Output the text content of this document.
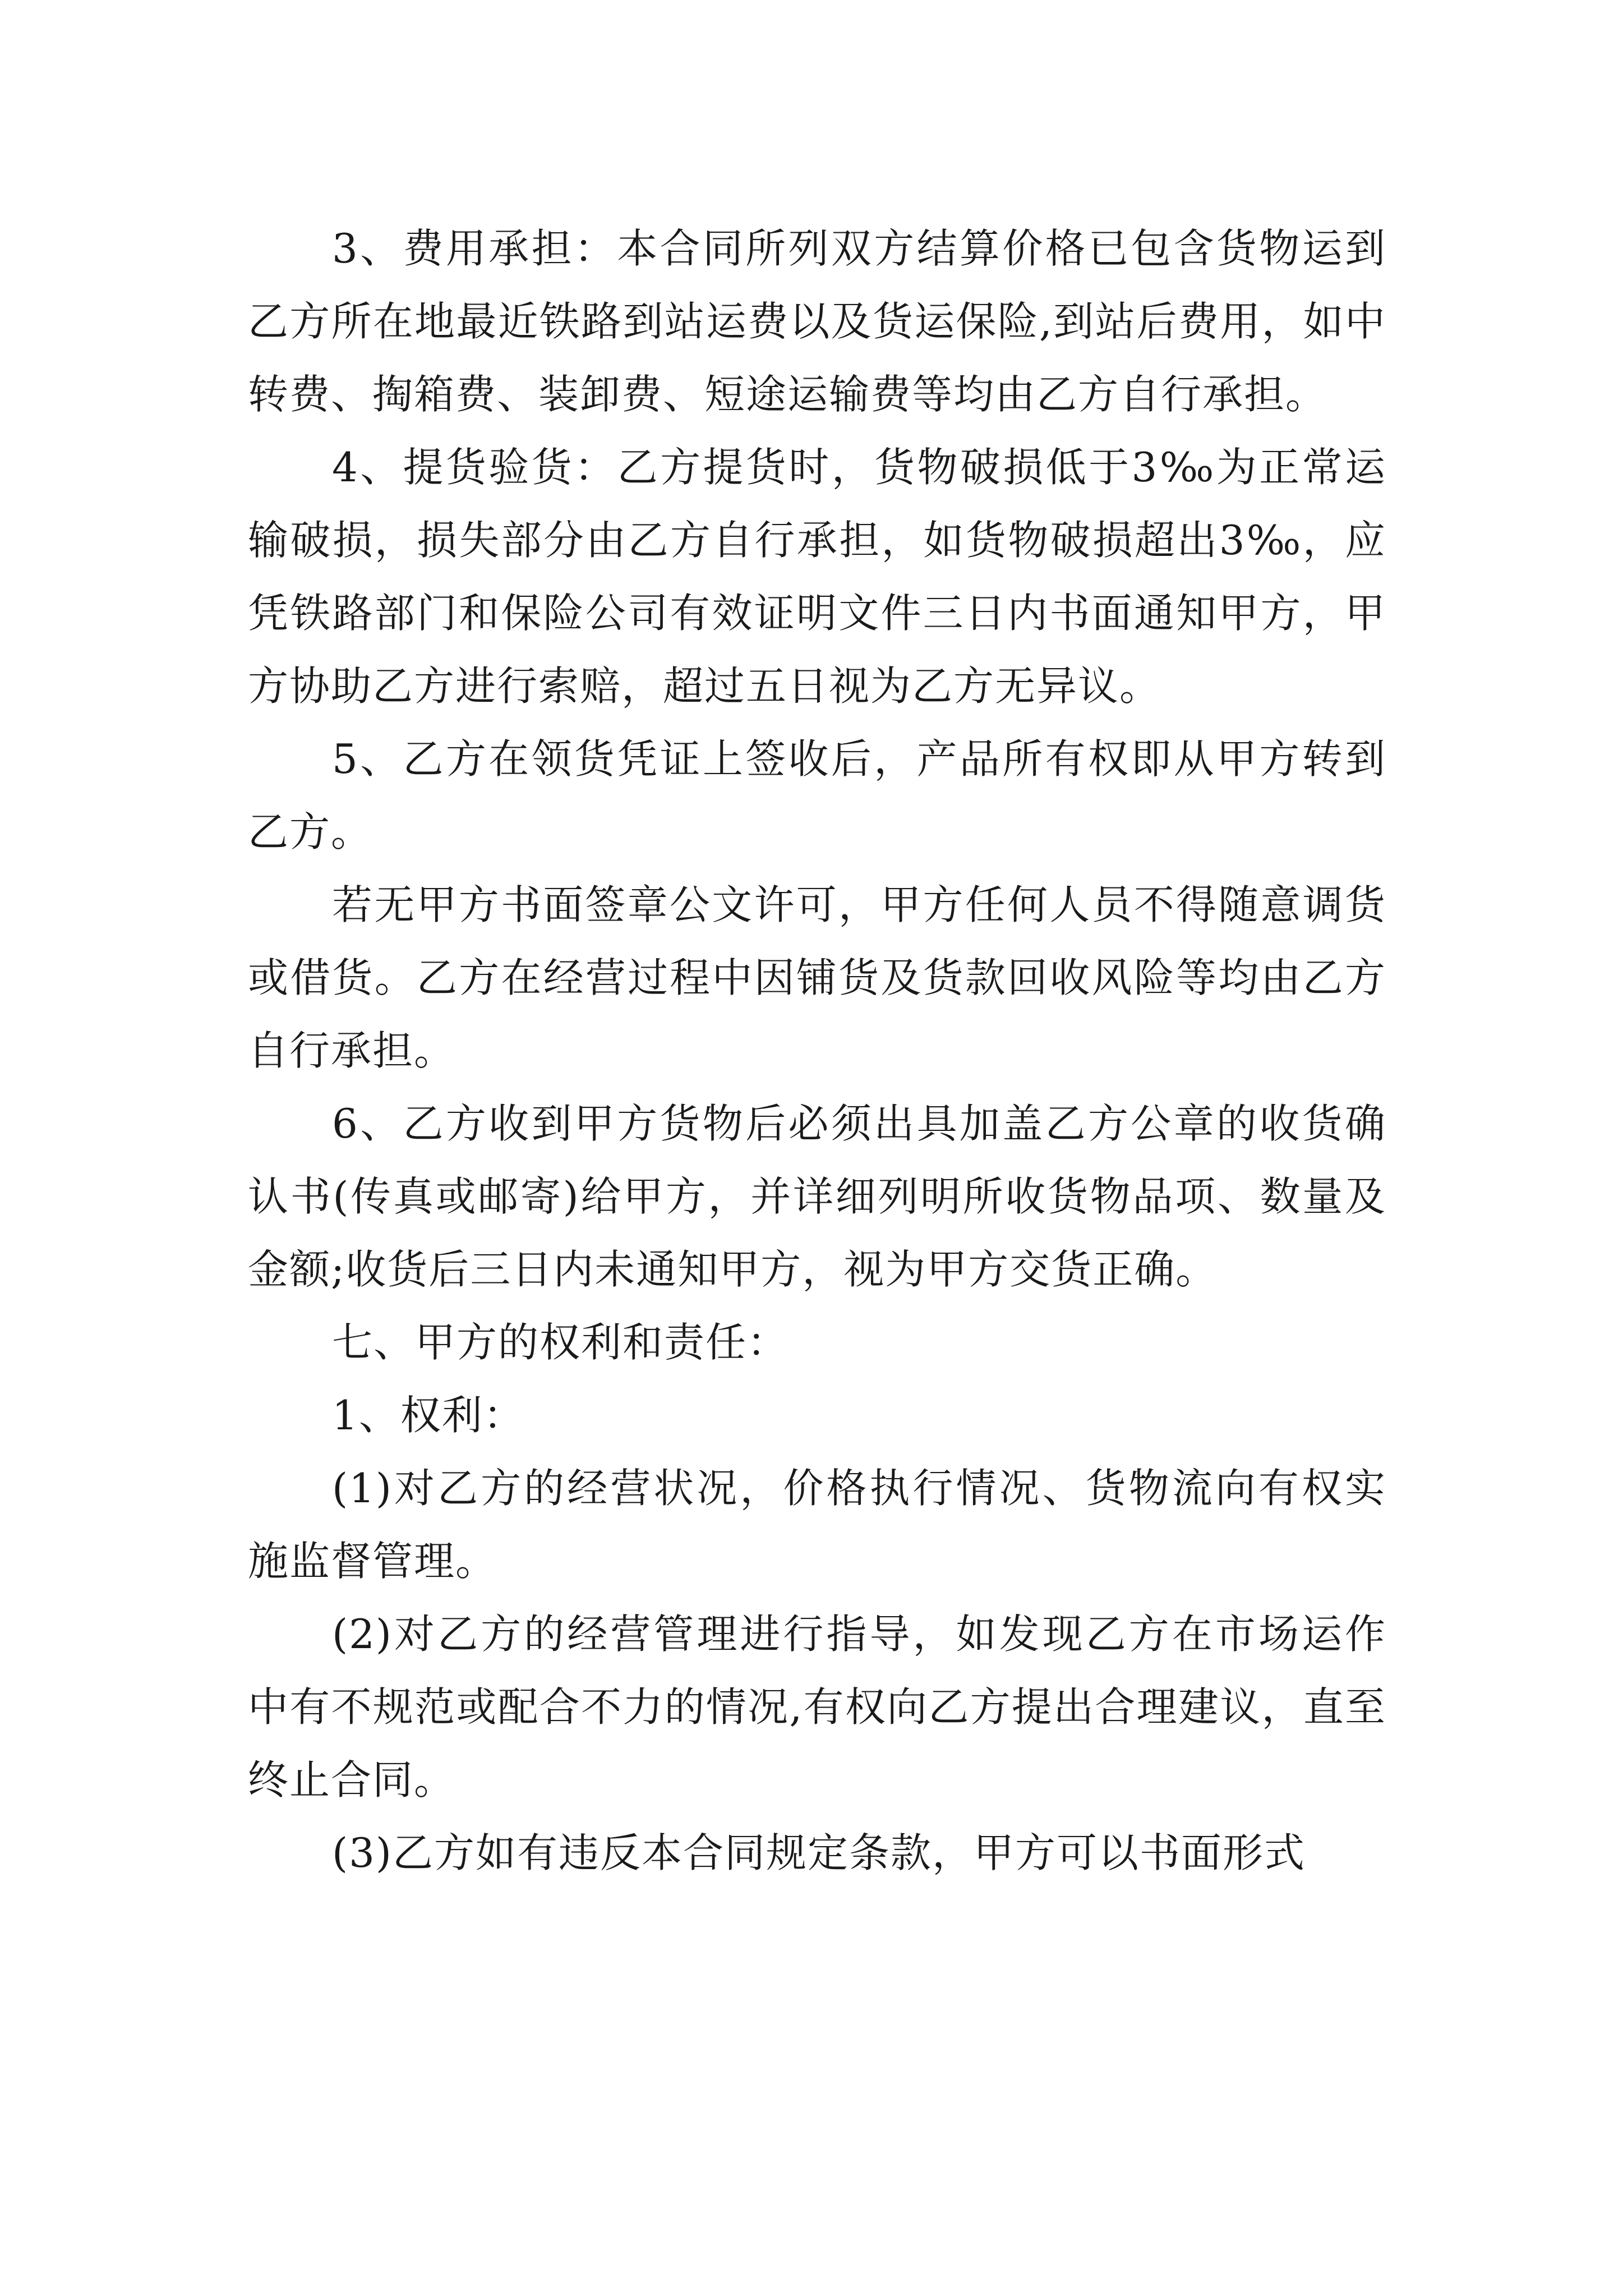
3、费用承担：本合同所列双方结算价格已包含货物运到乙方所在地最近铁路到站运费以及货运保险,到站后费用，如中转费、掏箱费、装卸费、短途运输费等均由乙方自行承担。

4、提货验货：乙方提货时，货物破损低于3‰为正常运输破损，损失部分由乙方自行承担，如货物破损超出3‰，应凭铁路部门和保险公司有效证明文件三日内书面通知甲方，甲方协助乙方进行索赔，超过五日视为乙方无异议。

5、乙方在领货凭证上签收后，产品所有权即从甲方转到乙方。

若无甲方书面签章公文许可，甲方任何人员不得随意调货或借货。乙方在经营过程中因铺货及货款回收风险等均由乙方自行承担。

6、乙方收到甲方货物后必须出具加盖乙方公章的收货确认书(传真或邮寄)给甲方，并详细列明所收货物品项、数量及金额;收货后三日内未通知甲方，视为甲方交货正确。

七、甲方的权利和责任：

1、权利：

(1)对乙方的经营状况，价格执行情况、货物流向有权实施监督管理。

(2)对乙方的经营管理进行指导，如发现乙方在市场运作中有不规范或配合不力的情况,有权向乙方提出合理建议，直至终止合同。

(3)乙方如有违反本合同规定条款，甲方可以书面形式
